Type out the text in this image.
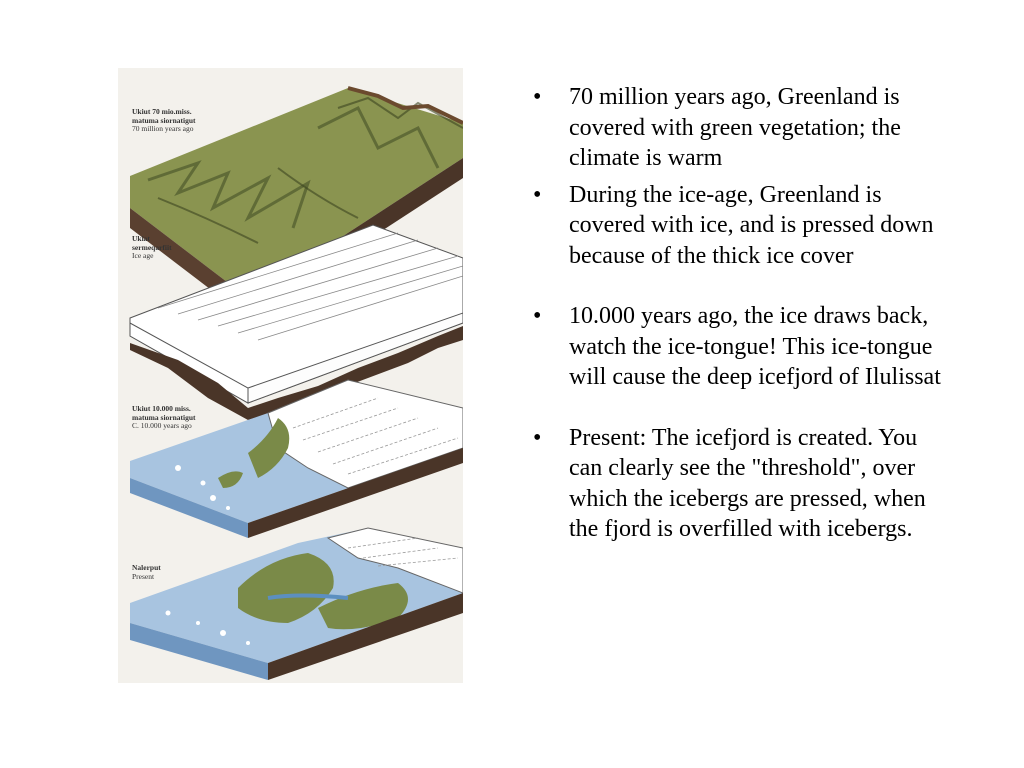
Ukiut 70 mio.miss.
matuma siornatigut
70 million years ago
Ukiat
sermeqarfiit
Ice age
Ukiut 10.000 miss.
matuma siornatigut
C. 10.000 years ago
Nalerput
Present
• 70 million years ago, Greenland is covered with green vegetation; the climate is warm
• During the ice-age, Greenland is covered with ice, and is pressed down because of the thick ice cover
• 10.000 years ago, the ice draws back, watch the ice-tongue! This ice-tongue will cause the deep icefjord of Ilulissat
• Present: The icefjord is created. You can clearly see the "threshold", over which the icebergs are pressed, when the fjord is overfilled with icebergs.
